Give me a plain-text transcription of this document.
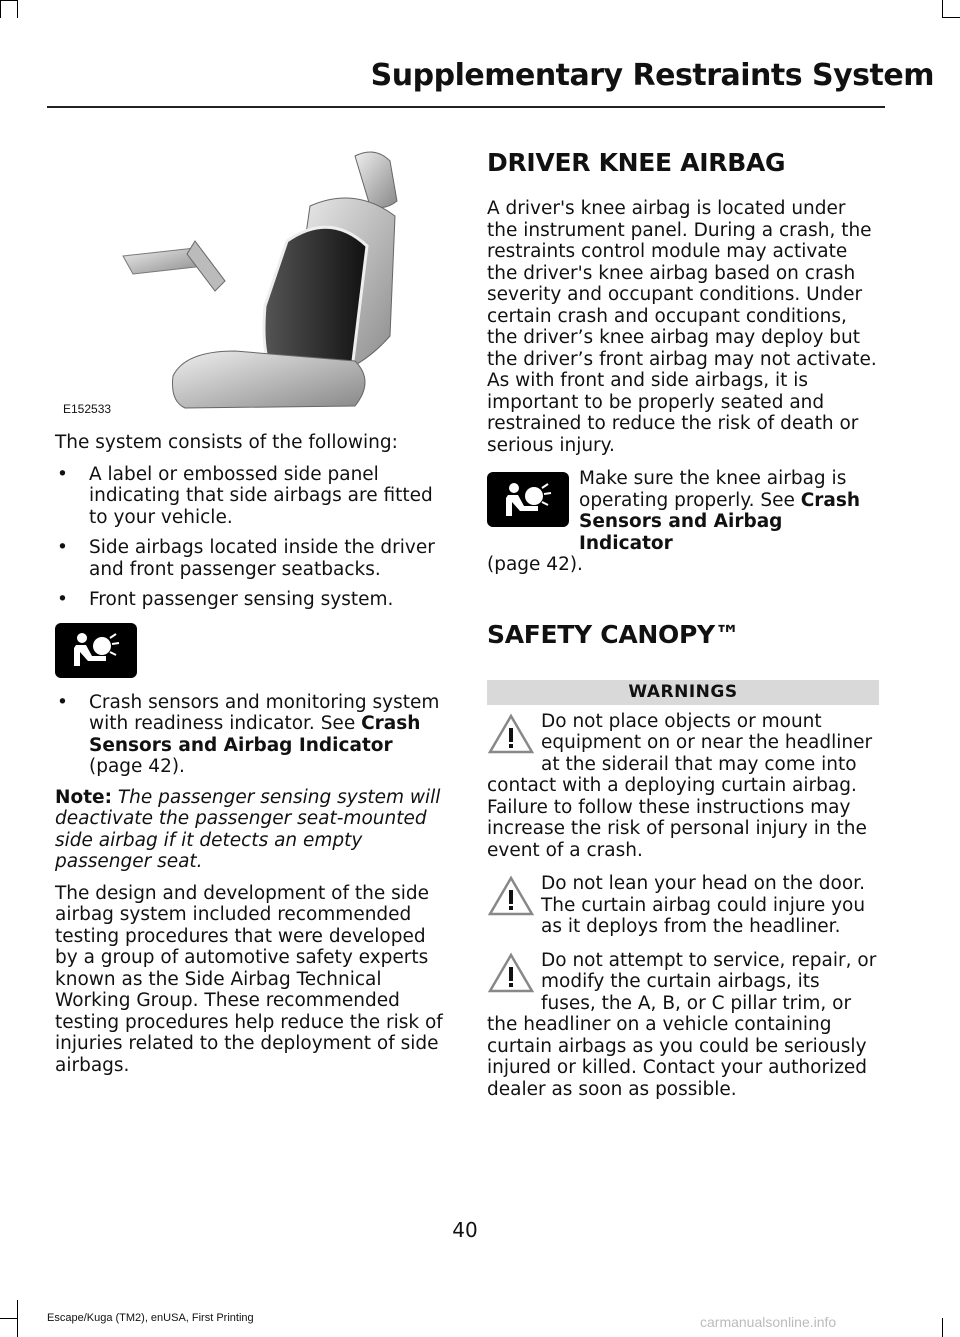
Supplementary Restraints System
E152533

The system consists of the following:

• A label or embossed side panel indicating that side airbags are fitted to your vehicle.
• Side airbags located inside the driver and front passenger seatbacks.
• Front passenger sensing system.
• Crash sensors and monitoring system with readiness indicator. See Crash Sensors and Airbag Indicator (page 42).

Note: The passenger sensing system will deactivate the passenger seat-mounted side airbag if it detects an empty passenger seat.

The design and development of the side airbag system included recommended testing procedures that were developed by a group of automotive safety experts known as the Side Airbag Technical Working Group. These recommended testing procedures help reduce the risk of injuries related to the deployment of side airbags.

DRIVER KNEE AIRBAG

A driver's knee airbag is located under the instrument panel. During a crash, the restraints control module may activate the driver's knee airbag based on crash severity and occupant conditions. Under certain crash and occupant conditions, the driver’s knee airbag may deploy but the driver’s front airbag may not activate. As with front and side airbags, it is important to be properly seated and restrained to reduce the risk of death or serious injury.

Make sure the knee airbag is operating properly. See Crash Sensors and Airbag Indicator

(page 42).

SAFETY CANOPY™
WARNINGS

Do not place objects or mount equipment on or near the headliner at the siderail that may come into contact with a deploying curtain airbag. Failure to follow these instructions may increase the risk of personal injury in the event of a crash.

Do not lean your head on the door. The curtain airbag could injure you as it deploys from the headliner.

Do not attempt to service, repair, or modify the curtain airbags, its fuses, the A, B, or C pillar trim, or the headliner on a vehicle containing curtain airbags as you could be seriously injured or killed. Contact your authorized dealer as soon as possible.

40
Escape/Kuga (TM2), enUSA, First Printing	carmanualsonline.info
